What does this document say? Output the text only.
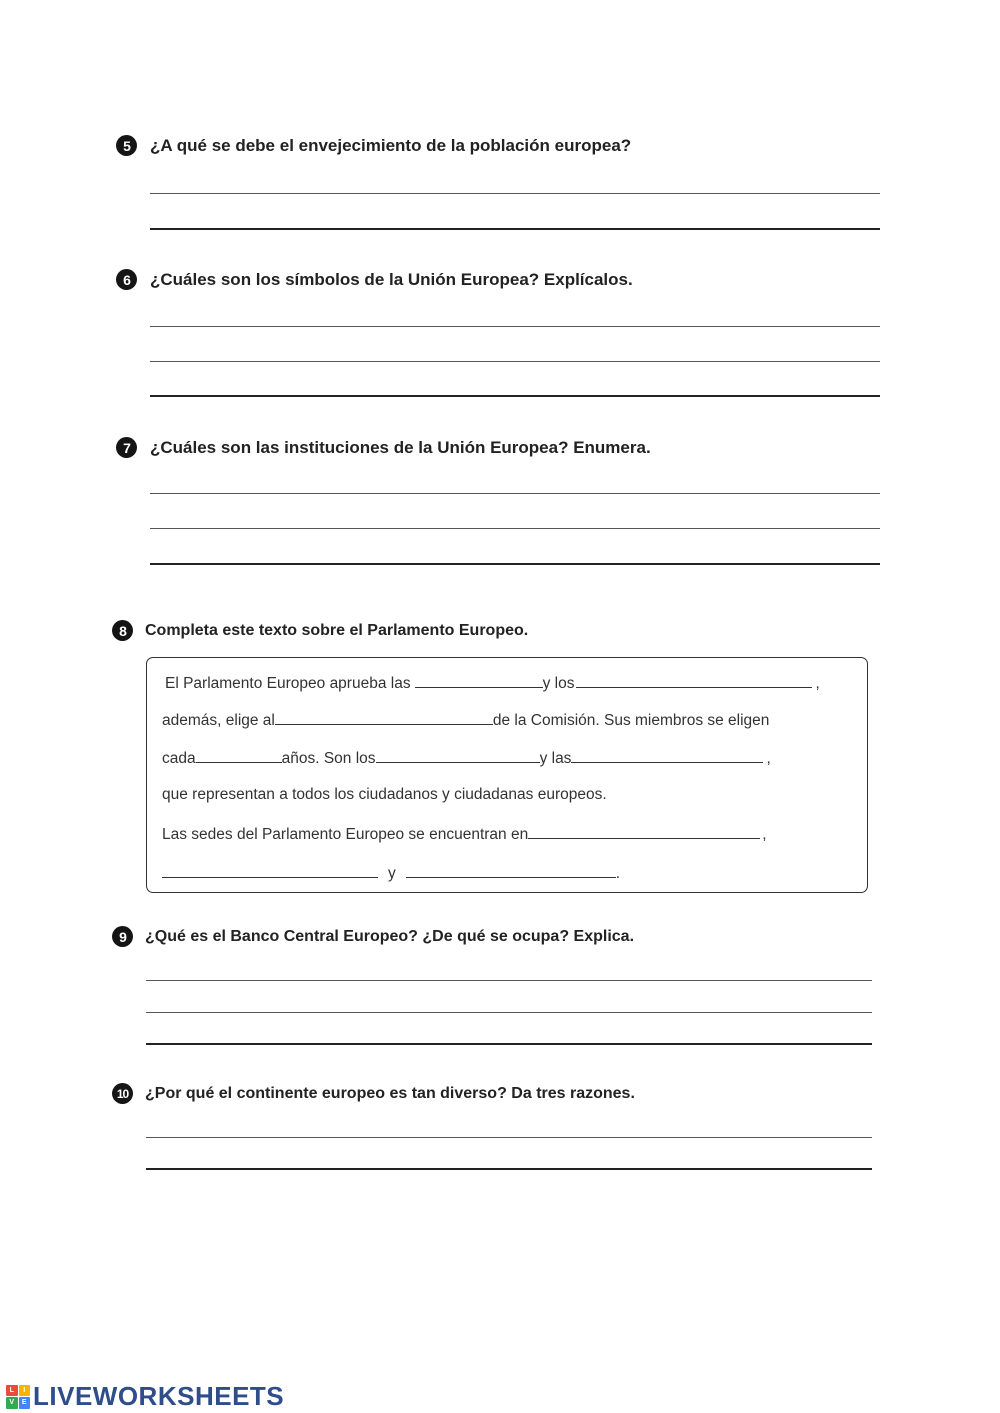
5	¿A qué se debe el envejecimiento de la población europea?
6	¿Cuáles son los símbolos de la Unión Europea? Explícalos.
7	¿Cuáles son las instituciones de la Unión Europea? Enumera.
8	Completa este texto sobre el Parlamento Europeo.
El Parlamento Europeo aprueba las	y los	,
además, elige al	de la Comisión. Sus miembros se eligen
cada	años. Son los	y las	,
que representan a todos los ciudadanos y ciudadanas europeos.
Las sedes del Parlamento Europeo se encuentran en	,
y	.
9	¿Qué es el Banco Central Europeo? ¿De qué se ocupa? Explica.
10	¿Por qué el continente europeo es tan diverso? Da tres razones.
L	I
V	E LIVEWORKSHEETS
